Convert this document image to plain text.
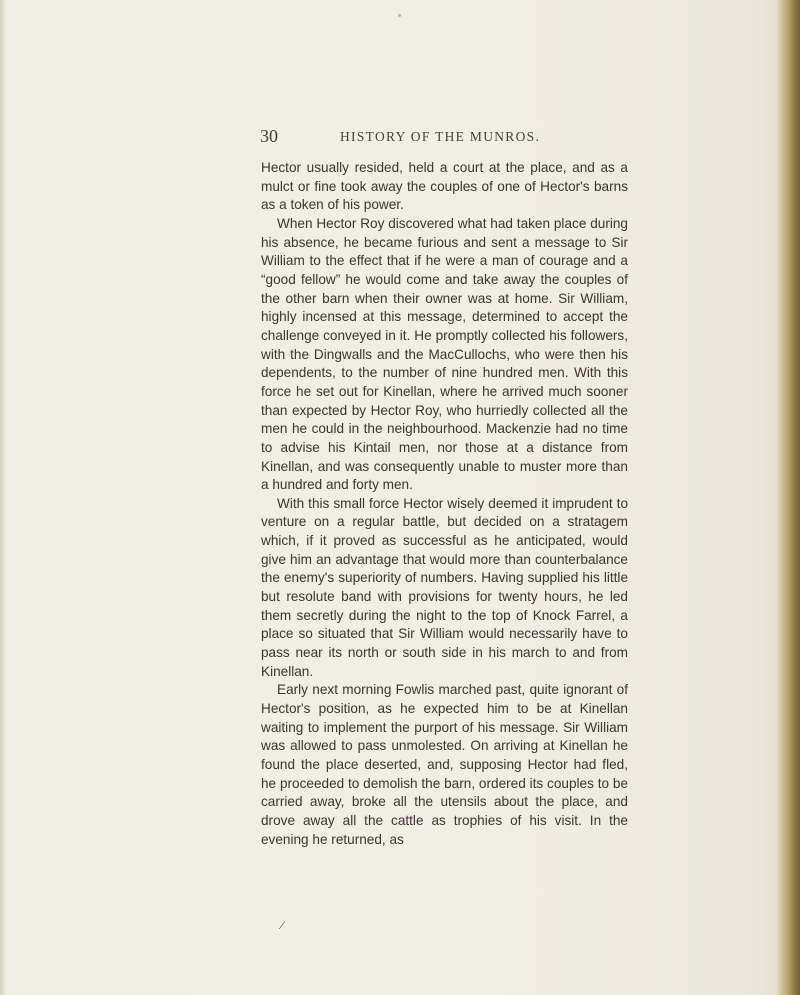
30	HISTORY OF THE MUNROS.

Hector usually resided, held a court at the place, and as a mulct or fine took away the couples of one of Hector's barns as a token of his power.

When Hector Roy discovered what had taken place during his absence, he became furious and sent a message to Sir William to the effect that if he were a man of courage and a “good fellow” he would come and take away the couples of the other barn when their owner was at home. Sir William, highly incensed at this message, determined to accept the challenge conveyed in it. He promptly collected his followers, with the Dingwalls and the MacCullochs, who were then his dependents, to the number of nine hundred men. With this force he set out for Kinellan, where he arrived much sooner than expected by Hector Roy, who hurriedly collected all the men he could in the neighbourhood. Mackenzie had no time to advise his Kintail men, nor those at a distance from Kinellan, and was consequently unable to muster more than a hundred and forty men.

With this small force Hector wisely deemed it imprudent to venture on a regular battle, but decided on a stratagem which, if it proved as successful as he anticipated, would give him an advantage that would more than counterbalance the enemy's superiority of numbers. Having supplied his little but resolute band with provisions for twenty hours, he led them secretly during the night to the top of Knock Farrel, a place so situated that Sir William would necessarily have to pass near its north or south side in his march to and from Kinellan.

Early next morning Fowlis marched past, quite ignorant of Hector's position, as he expected him to be at Kinellan waiting to implement the purport of his message. Sir William was allowed to pass unmolested. On arriving at Kinellan he found the place deserted, and, supposing Hector had fled, he proceeded to demolish the barn, ordered its couples to be carried away, broke all the utensils about the place, and drove away all the cattle as trophies of his visit. In the evening he returned, as

⁄
